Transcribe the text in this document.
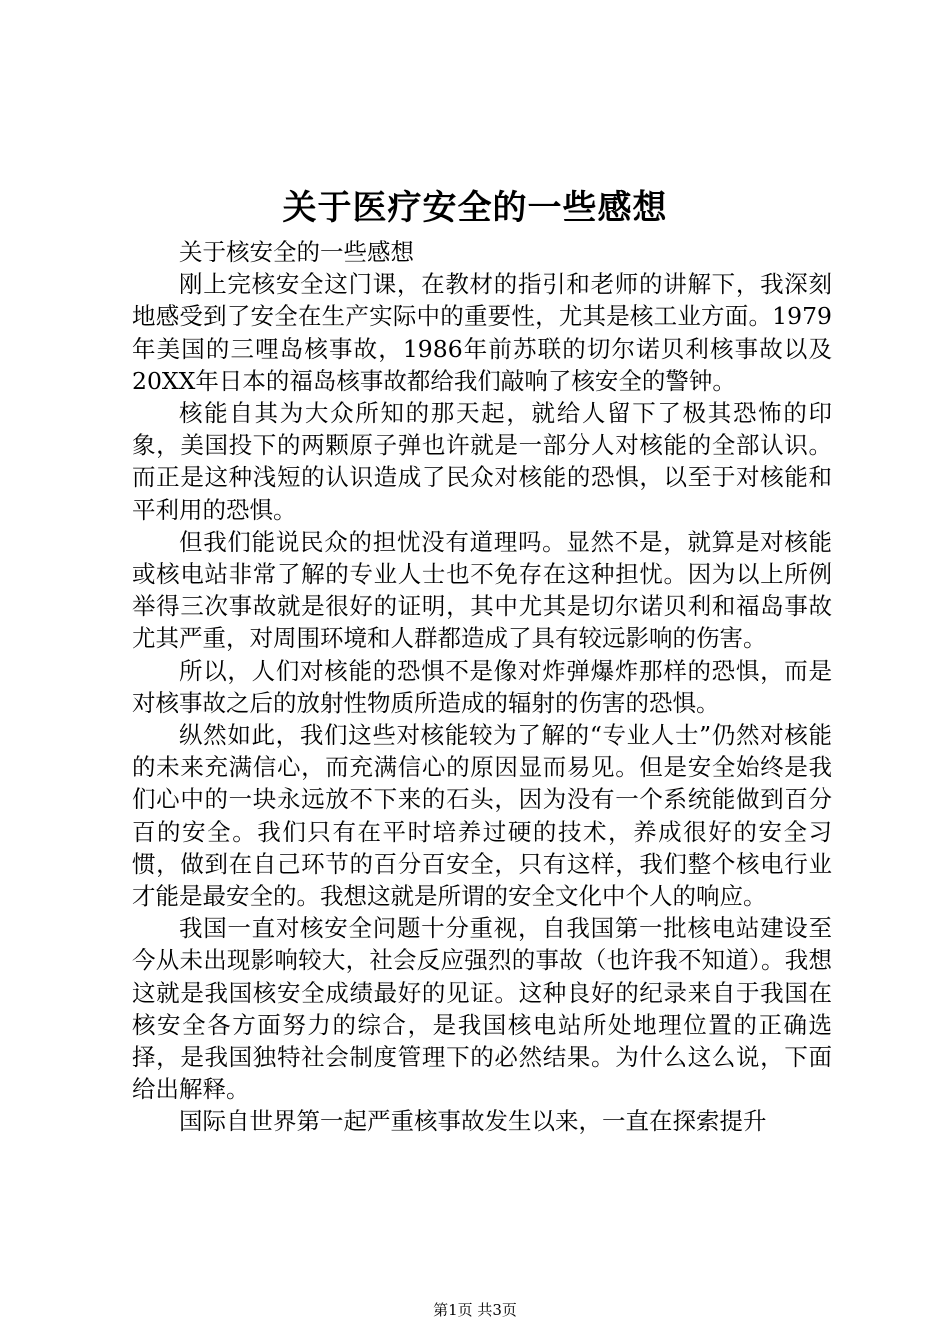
关于医疗安全的一些感想

关于核安全的一些感想

刚上完核安全这门课，在教材的指引和老师的讲解下，我深刻地感受到了安全在生产实际中的重要性，尤其是核工业方面。1979年美国的三哩岛核事故，1986年前苏联的切尔诺贝利核事故以及20XX年日本的福岛核事故都给我们敲响了核安全的警钟。

核能自其为大众所知的那天起，就给人留下了极其恐怖的印象，美国投下的两颗原子弹也许就是一部分人对核能的全部认识。而正是这种浅短的认识造成了民众对核能的恐惧，以至于对核能和平利用的恐惧。

但我们能说民众的担忧没有道理吗。显然不是，就算是对核能或核电站非常了解的专业人士也不免存在这种担忧。因为以上所例举得三次事故就是很好的证明，其中尤其是切尔诺贝利和福岛事故尤其严重，对周围环境和人群都造成了具有较远影响的伤害。

所以，人们对核能的恐惧不是像对炸弹爆炸那样的恐惧，而是对核事故之后的放射性物质所造成的辐射的伤害的恐惧。

纵然如此，我们这些对核能较为了解的“专业人士”仍然对核能的未来充满信心，而充满信心的原因显而易见。但是安全始终是我们心中的一块永远放不下来的石头，因为没有一个系统能做到百分百的安全。我们只有在平时培养过硬的技术，养成很好的安全习惯，做到在自己环节的百分百安全，只有这样，我们整个核电行业才能是最安全的。我想这就是所谓的安全文化中个人的响应。

我国一直对核安全问题十分重视，自我国第一批核电站建设至今从未出现影响较大，社会反应强烈的事故（也许我不知道）。我想这就是我国核安全成绩最好的见证。这种良好的纪录来自于我国在核安全各方面努力的综合，是我国核电站所处地理位置的正确选择，是我国独特社会制度管理下的必然结果。为什么这么说，下面给出解释。

国际自世界第一起严重核事故发生以来，一直在探索提升

第1页 共3页
